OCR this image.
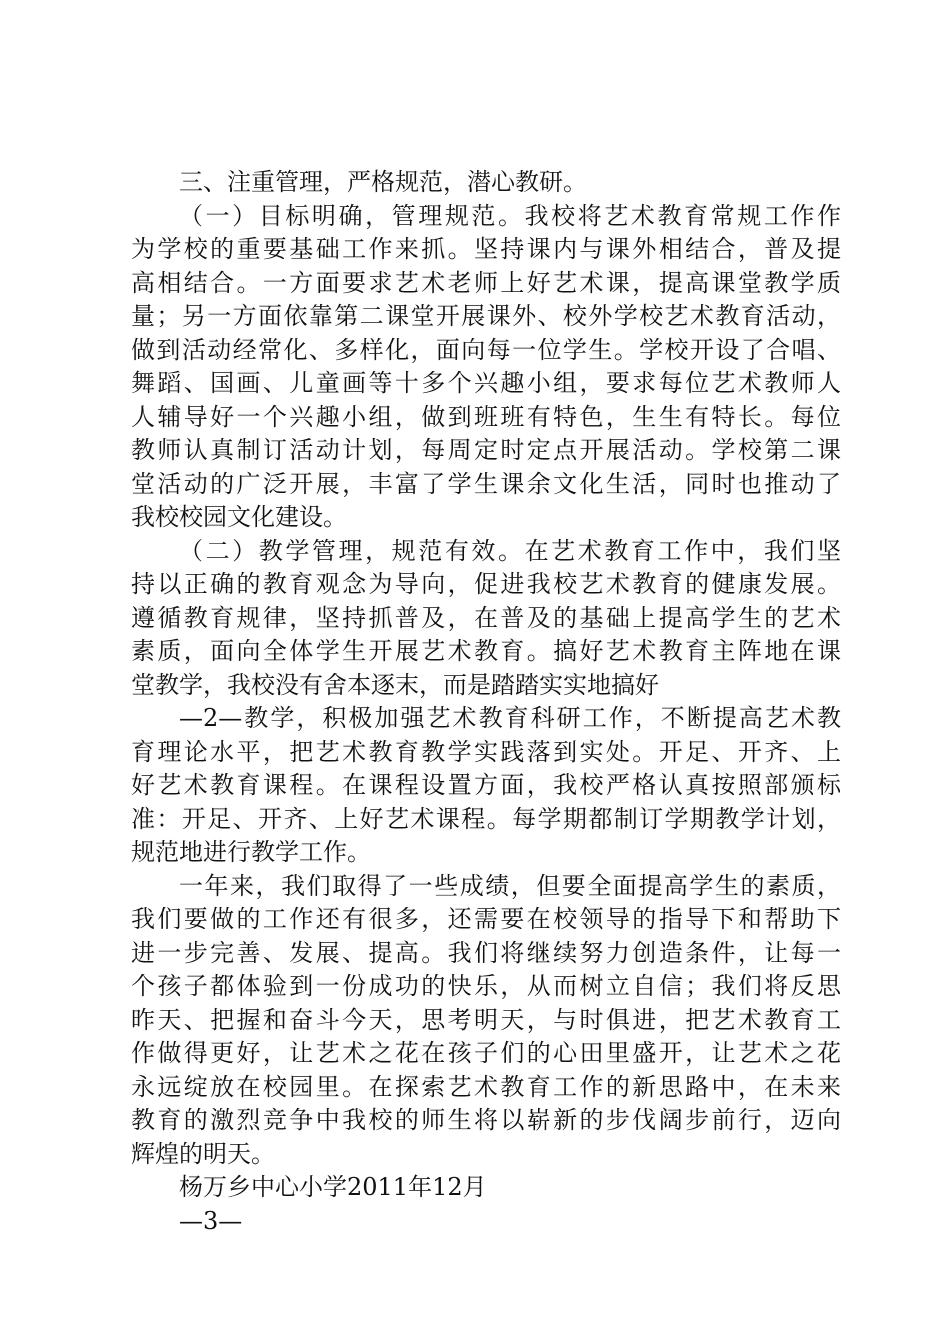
三、注重管理，严格规范，潜心教研。
（一）目标明确，管理规范。我校将艺术教育常规工作作
为学校的重要基础工作来抓。坚持课内与课外相结合，普及提
高相结合。一方面要求艺术老师上好艺术课，提高课堂教学质
量；另一方面依靠第二课堂开展课外、校外学校艺术教育活动，
做到活动经常化、多样化，面向每一位学生。学校开设了合唱、
舞蹈、国画、儿童画等十多个兴趣小组，要求每位艺术教师人
人辅导好一个兴趣小组，做到班班有特色，生生有特长。每位
教师认真制订活动计划，每周定时定点开展活动。学校第二课
堂活动的广泛开展，丰富了学生课余文化生活，同时也推动了
我校校园文化建设。
（二）教学管理，规范有效。在艺术教育工作中，我们坚
持以正确的教育观念为导向，促进我校艺术教育的健康发展。
遵循教育规律，坚持抓普及，在普及的基础上提高学生的艺术
素质，面向全体学生开展艺术教育。搞好艺术教育主阵地在课
堂教学，我校没有舍本逐末，而是踏踏实实地搞好
—2—教学，积极加强艺术教育科研工作，不断提高艺术教
育理论水平，把艺术教育教学实践落到实处。开足、开齐、上
好艺术教育课程。在课程设置方面，我校严格认真按照部颁标
准：开足、开齐、上好艺术课程。每学期都制订学期教学计划，
规范地进行教学工作。
一年来，我们取得了一些成绩，但要全面提高学生的素质，
我们要做的工作还有很多，还需要在校领导的指导下和帮助下
进一步完善、发展、提高。我们将继续努力创造条件，让每一
个孩子都体验到一份成功的快乐，从而树立自信；我们将反思
昨天、把握和奋斗今天，思考明天，与时俱进，把艺术教育工
作做得更好，让艺术之花在孩子们的心田里盛开，让艺术之花
永远绽放在校园里。在探索艺术教育工作的新思路中，在未来
教育的激烈竞争中我校的师生将以崭新的步伐阔步前行，迈向
辉煌的明天。
杨万乡中心小学2011年12月
—3—
